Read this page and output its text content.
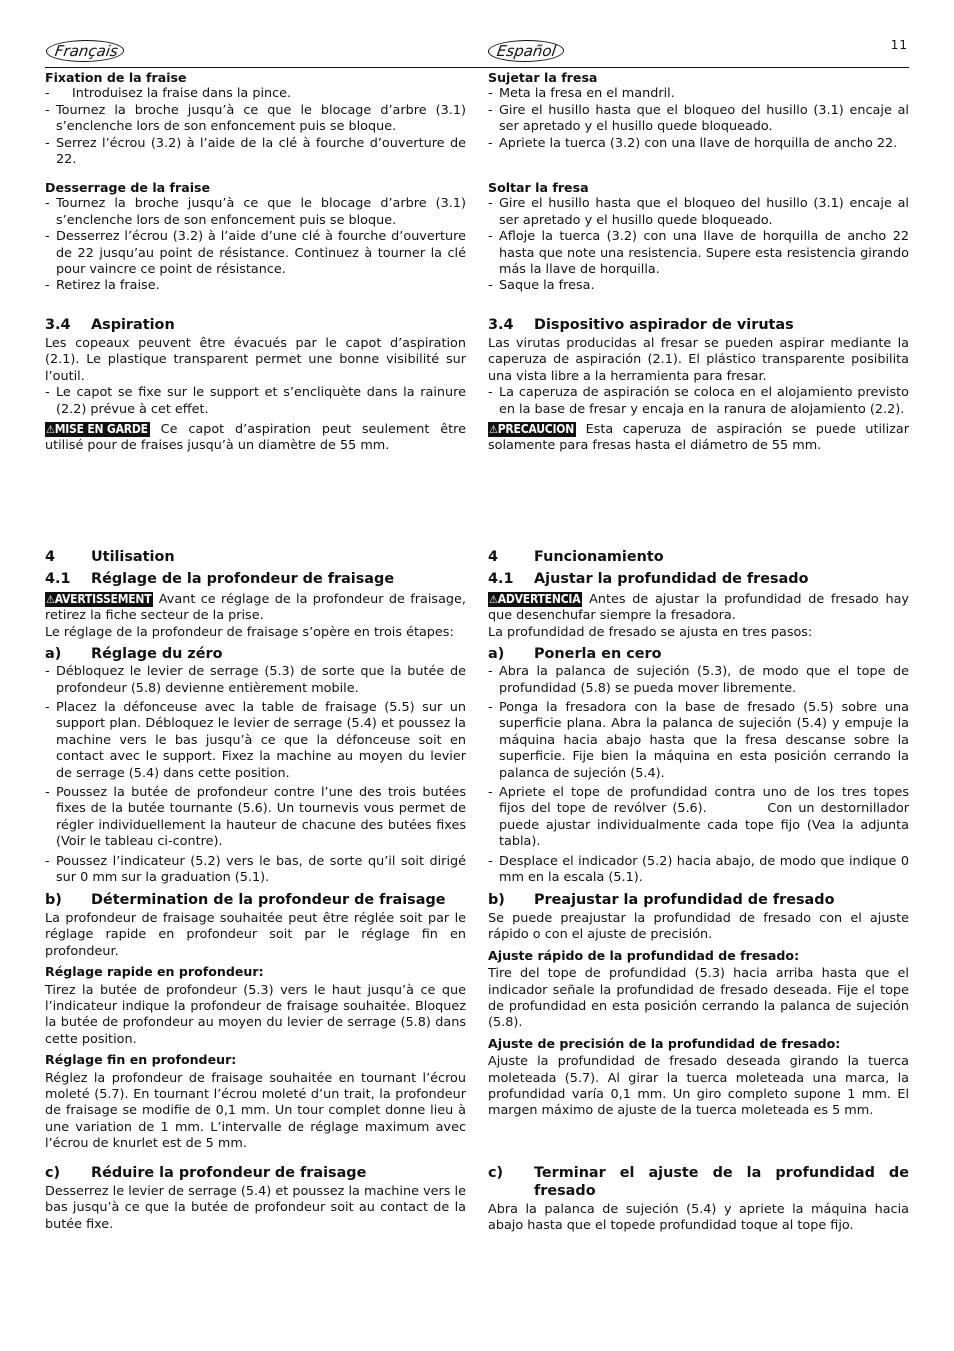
Français	Español	11

Fixation de la fraise

-	Introduisez la fraise dans la pince.
- Tournez la broche jusqu’à ce que le blocage d’arbre (3.1) s’enclenche lors de son enfoncement puis se bloque.
- Serrez l’écrou (3.2) à l’aide de la clé à fourche d’ouverture de 22.

Desserrage de la fraise

- Tournez la broche jusqu’à ce que le blocage d’arbre (3.1) s’enclenche lors de son enfoncement puis se bloque.
- Desserrez l’écrou (3.2) à l’aide d’une clé à fourche d’ouverture de 22 jusqu’au point de résistance. Continuez à tourner la clé pour vaincre ce point de résistance.
- Retirez la fraise.
3.4	Aspiration

Les copeaux peuvent être évacués par le capot d’aspiration (2.1). Le plastique transparent permet une bonne visibilité sur l’outil.

- Le capot se fixe sur le support et s’encliquète dans la rainure (2.2) prévue à cet effet.

⚠MISE EN GARDE Ce capot d’aspiration peut seulement être utilisé pour de fraises jusqu’à un diamètre de 55 mm.

4	Utilisation
4.1	Réglage de la profondeur de fraisage

⚠AVERTISSEMENT Avant ce réglage de la profondeur de fraisage, retirez la fiche secteur de la prise.

Le réglage de la profondeur de fraisage s’opère en trois étapes:

a)	Réglage du zéro
- Débloquez le levier de serrage (5.3) de sorte que la butée de profondeur (5.8) devienne entièrement mobile.
- Placez la défonceuse avec la table de fraisage (5.5) sur un support plan. Débloquez le levier de serrage (5.4) et poussez la machine vers le bas jusqu’à ce que la défonceuse soit en contact avec le support. Fixez la machine au moyen du levier de serrage (5.4) dans cette position.
- Poussez la butée de profondeur contre l’une des trois butées fixes de la butée tournante (5.6). Un tournevis vous permet de régler individuellement la hauteur de chacune des butées fixes (Voir le tableau ci-contre).
- Poussez l’indicateur (5.2) vers le bas, de sorte qu’il soit dirigé sur 0 mm sur la graduation (5.1).
b)	Détermination de la profondeur de fraisage

La profondeur de fraisage souhaitée peut être réglée soit par le réglage rapide en profondeur soit par le réglage fin en profondeur.

Réglage rapide en profondeur:

Tirez la butée de profondeur (5.3) vers le haut jusqu’à ce que l’indicateur indique la profondeur de fraisage souhaitée. Bloquez la butée de profondeur au moyen du levier de serrage (5.8) dans cette position.

Réglage fin en profondeur:

Réglez la profondeur de fraisage souhaitée en tournant l’écrou moleté (5.7). En tournant l’écrou moleté d’un trait, la profondeur de fraisage se modifie de 0,1 mm. Un tour complet donne lieu à une variation de 1 mm. L’intervalle de réglage maximum avec l’écrou de knurlet est de 5 mm.

c)	Réduire la profondeur de fraisage

Desserrez le levier de serrage (5.4) et poussez la machine vers le bas jusqu’à ce que la butée de profondeur soit au contact de la butée fixe.

Sujetar la fresa

- Meta la fresa en el mandril.
- Gire el husillo hasta que el bloqueo del husillo (3.1) encaje al ser apretado y el husillo quede bloqueado.
- Apriete la tuerca (3.2) con una llave de horquilla de ancho 22.

Soltar la fresa

- Gire el husillo hasta que el bloqueo del husillo (3.1) encaje al ser apretado y el husillo quede bloqueado.
- Afloje la tuerca (3.2) con una llave de horquilla de ancho 22 hasta que note una resistencia. Supere esta resistencia girando más la llave de horquilla.
- Saque la fresa.
3.4	Dispositivo aspirador de virutas

Las virutas producidas al fresar se pueden aspirar mediante la caperuza de aspiración (2.1). El plástico transparente posibilita una vista libre a la herramienta para fresar.

- La caperuza de aspiración se coloca en el alojamiento previsto en la base de fresar y encaja en la ranura de alojamiento (2.2).

⚠PRECAUCION Esta caperuza de aspiración se puede utilizar solamente para fresas hasta el diámetro de 55 mm.

4	Funcionamiento
4.1	Ajustar la profundidad de fresado

⚠ADVERTENCIA Antes de ajustar la profundidad de fresado hay que desenchufar siempre la fresadora.

La profundidad de fresado se ajusta en tres pasos:

a)	Ponerla en cero
- Abra la palanca de sujeción (5.3), de modo que el tope de profundidad (5.8) se pueda mover libremente.
- Ponga la fresadora con la base de fresado (5.5) sobre una superficie plana. Abra la palanca de sujeción (5.4) y empuje la máquina hacia abajo hasta que la fresa descanse sobre la superficie. Fije bien la máquina en esta posición cerrando la palanca de sujeción (5.4).
- Apriete el tope de profundidad contra uno de los tres topes fijos del tope de revólver (5.6).          Con un destornillador puede ajustar individualmente cada tope fijo (Vea la adjunta tabla).
- Desplace el indicador (5.2) hacia abajo, de modo que indique 0 mm en la escala (5.1).
b)	Preajustar la profundidad de fresado

Se puede preajustar la profundidad de fresado con el ajuste rápido o con el ajuste de precisión.

Ajuste rápido de la profundidad de fresado:

Tire del tope de profundidad (5.3) hacia arriba hasta que el indicador señale la profundidad de fresado deseada. Fije el tope de profundidad en esta posición cerrando la palanca de sujeción (5.8).

Ajuste de precisión de la profundidad de fresado:

Ajuste la profundidad de fresado deseada girando la tuerca moleteada (5.7). Al girar la tuerca moleteada una marca, la profundidad varía 0,1 mm. Un giro completo supone 1 mm. El margen máximo de ajuste de la tuerca moleteada es 5 mm.

c)	Terminar el ajuste de la profundidad de fresado

Abra la palanca de sujeción (5.4) y apriete la máquina hacia abajo hasta que el topede profundidad toque al tope fijo.
